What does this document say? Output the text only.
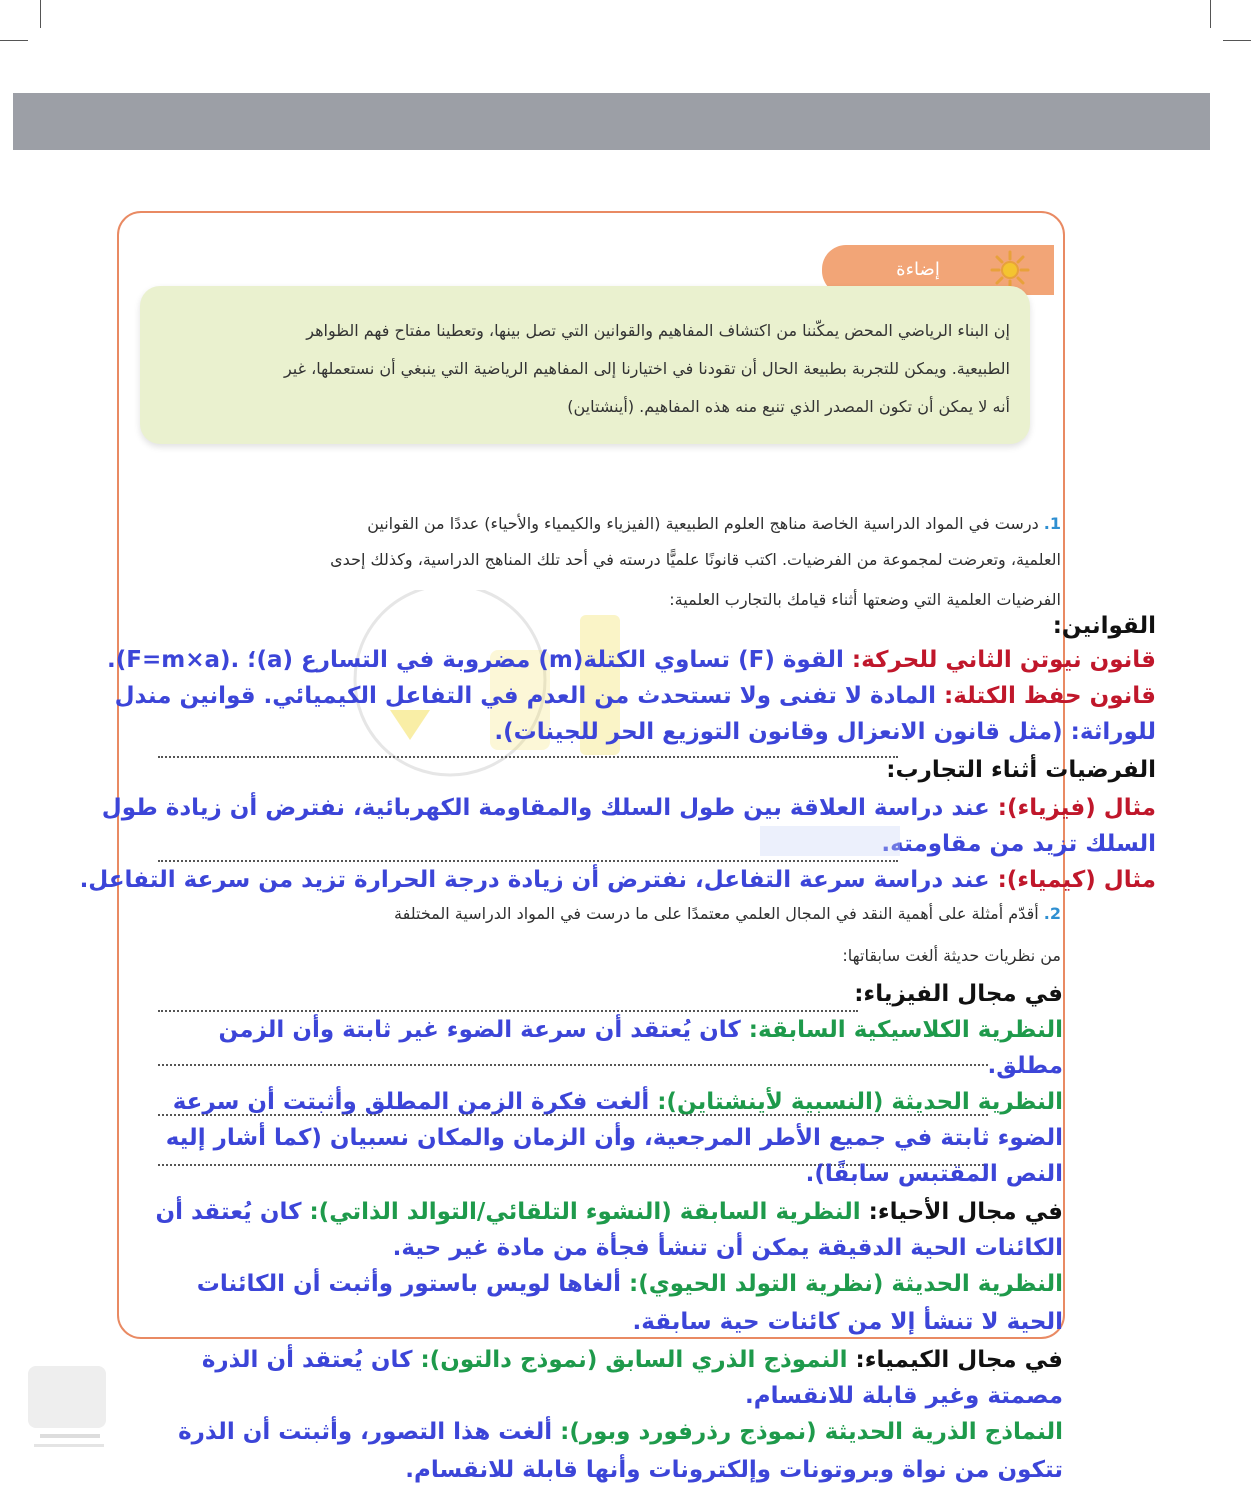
إضاءة
إن البناء الرياضي المحض يمكّننا من اكتشاف المفاهيم والقوانين التي تصل بينها، وتعطينا مفتاح فهم الظواهر
الطبيعية. ويمكن للتجربة بطبيعة الحال أن تقودنا في اختيارنا إلى المفاهيم الرياضية التي ينبغي أن نستعملها، غير
أنه لا يمكن أن تكون المصدر الذي تنبع منه هذه المفاهيم. (أينشتاين)
1. درست في المواد الدراسية الخاصة مناهج العلوم الطبيعية (الفيزياء والكيمياء والأحياء) عددًا من القوانين
العلمية، وتعرضت لمجموعة من الفرضيات. اكتب قانونًا علميًّا درسته في أحد تلك المناهج الدراسية، وكذلك إحدى
الفرضيات العلمية التي وضعتها أثناء قيامك بالتجارب العلمية:
القوانين:
قانون نيوتن الثاني للحركة: القوة (F) تساوي الكتلة(m) مضروبة في التسارع (a)؛ .(F=m×a).
قانون حفظ الكتلة: المادة لا تفنى ولا تستحدث من العدم في التفاعل الكيميائي. قوانين مندل
للوراثة: (مثل قانون الانعزال وقانون التوزيع الحر للجينات).
الفرضيات أثناء التجارب:
مثال (فيزياء): عند دراسة العلاقة بين طول السلك والمقاومة الكهربائية، نفترض أن زيادة طول
السلك تزيد من مقاومته.
مثال (كيمياء): عند دراسة سرعة التفاعل، نفترض أن زيادة درجة الحرارة تزيد من سرعة التفاعل.
2. أقدّم أمثلة على أهمية النقد في المجال العلمي معتمدًا على ما درست في المواد الدراسية المختلفة
من نظريات حديثة ألغت سابقاتها:
في مجال الفيزياء:
النظرية الكلاسيكية السابقة: كان يُعتقد أن سرعة الضوء غير ثابتة وأن الزمن
مطلق.
النظرية الحديثة (النسبية لأينشتاين): ألغت فكرة الزمن المطلق وأثبتت أن سرعة
الضوء ثابتة في جميع الأطر المرجعية، وأن الزمان والمكان نسبيان (كما أشار إليه
النص المقتبس سابقًا).
في مجال الأحياء: النظرية السابقة (النشوء التلقائي/التوالد الذاتي): كان يُعتقد أن
الكائنات الحية الدقيقة يمكن أن تنشأ فجأة من مادة غير حية.
النظرية الحديثة (نظرية التولد الحيوي): ألغاها لويس باستور وأثبت أن الكائنات
الحية لا تنشأ إلا من كائنات حية سابقة.
في مجال الكيمياء: النموذج الذري السابق (نموذج دالتون): كان يُعتقد أن الذرة
مصمتة وغير قابلة للانقسام.
النماذج الذرية الحديثة (نموذج رذرفورد وبور): ألغت هذا التصور، وأثبتت أن الذرة
تتكون من نواة وبروتونات وإلكترونات وأنها قابلة للانقسام.
